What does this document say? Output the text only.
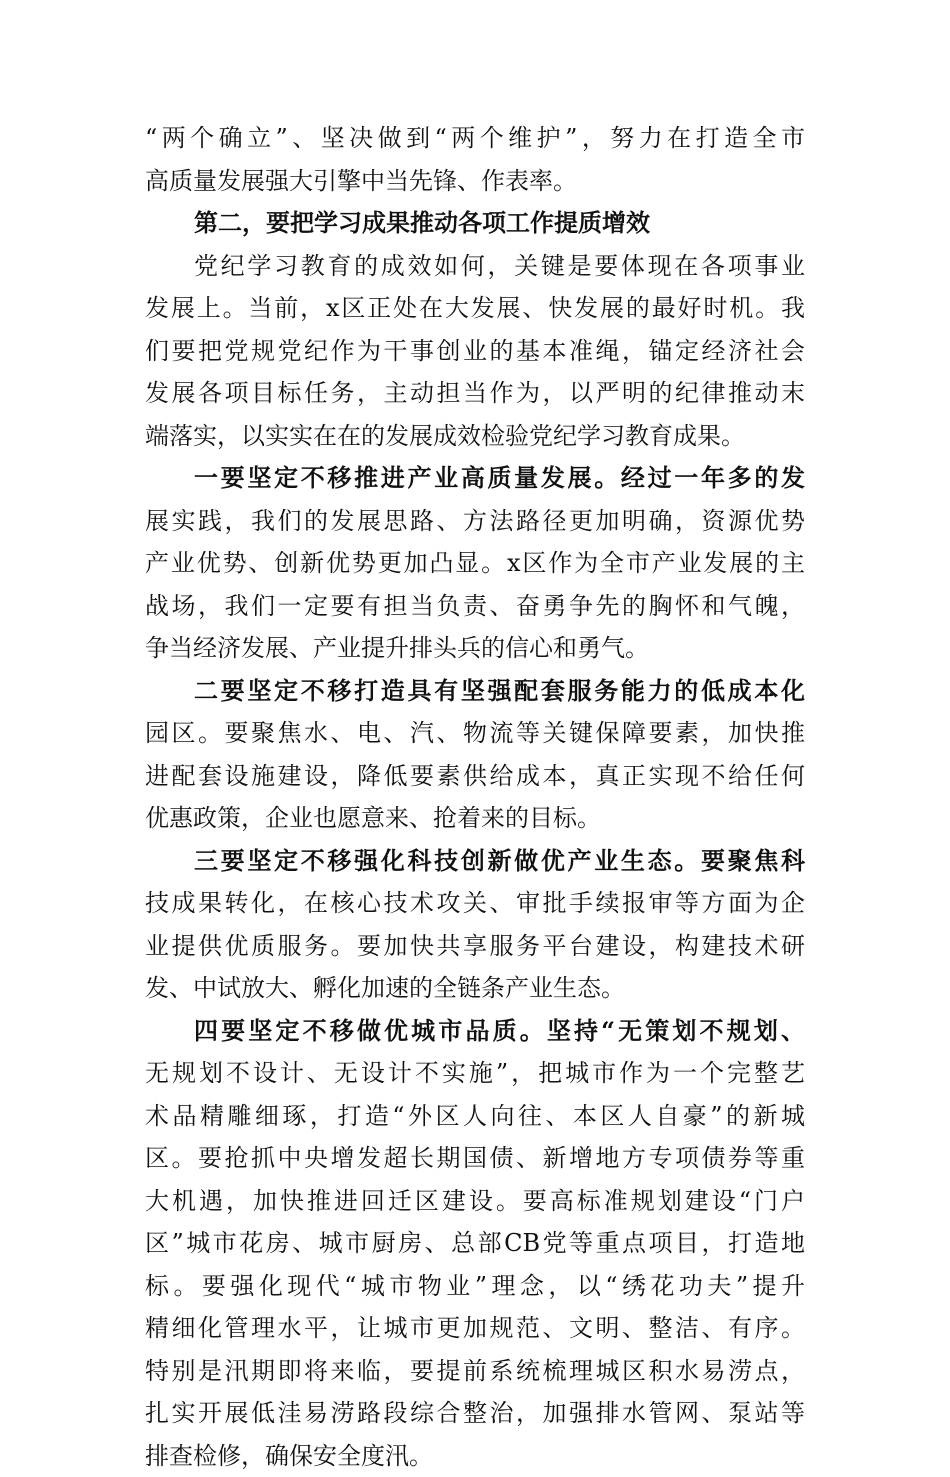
“两个确立”、坚决做到“两个维护”，努力在打造全市
高质量发展强大引擎中当先锋、作表率。
第二，要把学习成果推动各项工作提质增效
党纪学习教育的成效如何，关键是要体现在各项事业
发展上。当前，x区正处在大发展、快发展的最好时机。我
们要把党规党纪作为干事创业的基本准绳，锚定经济社会
发展各项目标任务，主动担当作为，以严明的纪律推动末
端落实，以实实在在的发展成效检验党纪学习教育成果。
一要坚定不移推进产业高质量发展。经过一年多的发
展实践，我们的发展思路、方法路径更加明确，资源优势
产业优势、创新优势更加凸显。x区作为全市产业发展的主
战场，我们一定要有担当负责、奋勇争先的胸怀和气魄，
争当经济发展、产业提升排头兵的信心和勇气。
二要坚定不移打造具有坚强配套服务能力的低成本化
园区。要聚焦水、电、汽、物流等关键保障要素，加快推
进配套设施建设，降低要素供给成本，真正实现不给任何
优惠政策，企业也愿意来、抢着来的目标。
三要坚定不移强化科技创新做优产业生态。要聚焦科
技成果转化，在核心技术攻关、审批手续报审等方面为企
业提供优质服务。要加快共享服务平台建设，构建技术研
发、中试放大、孵化加速的全链条产业生态。
四要坚定不移做优城市品质。坚持“无策划不规划、
无规划不设计、无设计不实施”，把城市作为一个完整艺
术品精雕细琢，打造“外区人向往、本区人自豪”的新城
区。要抢抓中央增发超长期国债、新增地方专项债券等重
大机遇，加快推进回迁区建设。要高标准规划建设“门户
区”城市花房、城市厨房、总部CB党等重点项目，打造地
标。要强化现代“城市物业”理念，以“绣花功夫”提升
精细化管理水平，让城市更加规范、文明、整洁、有序。
特别是汛期即将来临，要提前系统梳理城区积水易涝点，
扎实开展低洼易涝路段综合整治，加强排水管网、泵站等
排查检修，确保安全度汛。
